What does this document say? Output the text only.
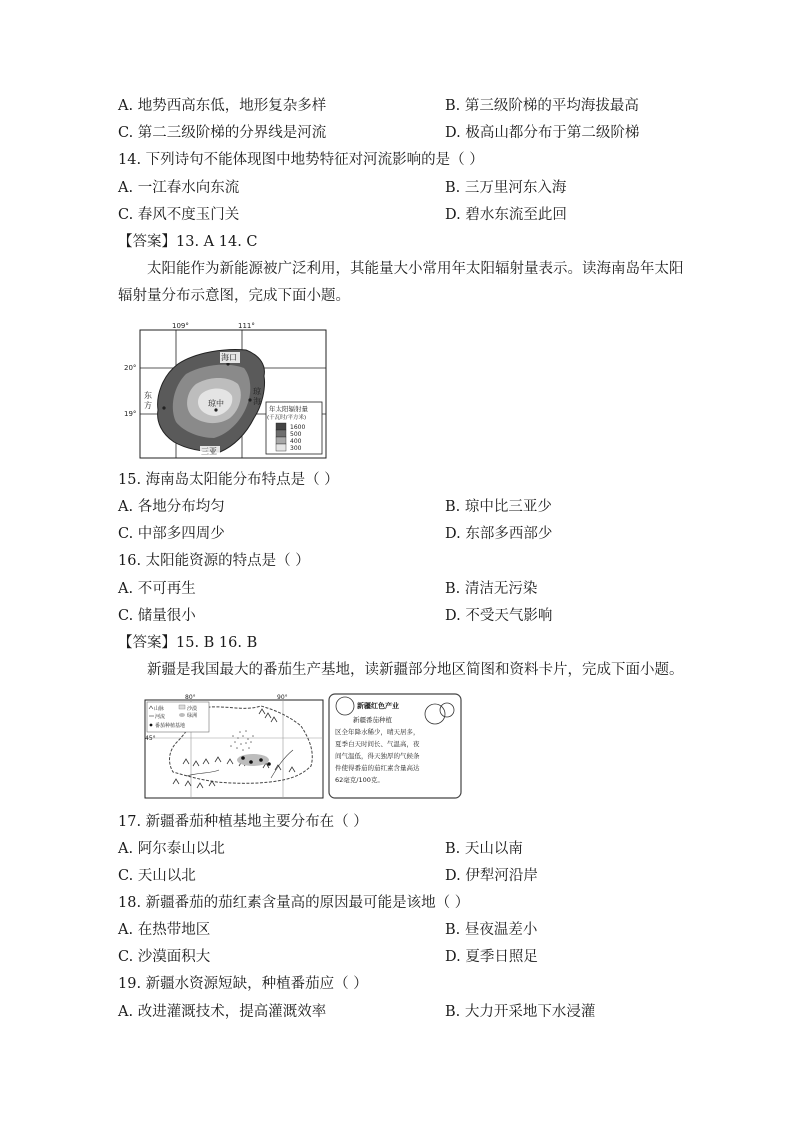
A. 地势西高东低，地形复杂多样	B. 第三级阶梯的平均海拔最高
C. 第二三级阶梯的分界线是河流	D. 极高山都分布于第二级阶梯
14. 下列诗句不能体现图中地势特征对河流影响的是（ ）
A. 一江春水向东流	B. 三万里河东入海
C. 春风不度玉门关	D. 碧水东流至此回
【答案】13. A 14. C
太阳能作为新能源被广泛利用，其能量大小常用年太阳辐射量表示。读海南岛年太阳
辐射量分布示意图，完成下面小题。
109°	111°
20°
19°
海口
琼中
东
方
琼
海
三亚
年太阳辐射量
(千瓦时/平方米)
1600
500
400
300
15. 海南岛太阳能分布特点是（ ）
A. 各地分布均匀	B. 琼中比三亚少
C. 中部多四周少	D. 东部多西部少
16. 太阳能资源的特点是（ ）
A. 不可再生	B. 清洁无污染
C. 储量很小	D. 不受天气影响
【答案】15. B 16. B
新疆是我国最大的番茄生产基地，读新疆部分地区简图和资料卡片，完成下面小题。
80°	90°
45°
山脉
河流
沙漠
绿洲
番茄种植基地
新疆红色产业
新疆番茄种植
区全年降水稀少，晴天居多，
夏季白天时间长、气温高，夜
间气温低，得天独厚的气候条
件使得番茄的茄红素含量高达
62毫克/100克。
17. 新疆番茄种植基地主要分布在（ ）
A. 阿尔泰山以北	B. 天山以南
C. 天山以北	D. 伊犁河沿岸
18. 新疆番茄的茄红素含量高的原因最可能是该地（ ）
A. 在热带地区	B. 昼夜温差小
C. 沙漠面积大	D. 夏季日照足
19. 新疆水资源短缺，种植番茄应（ ）
A. 改进灌溉技术，提高灌溉效率	B. 大力开采地下水浸灌
